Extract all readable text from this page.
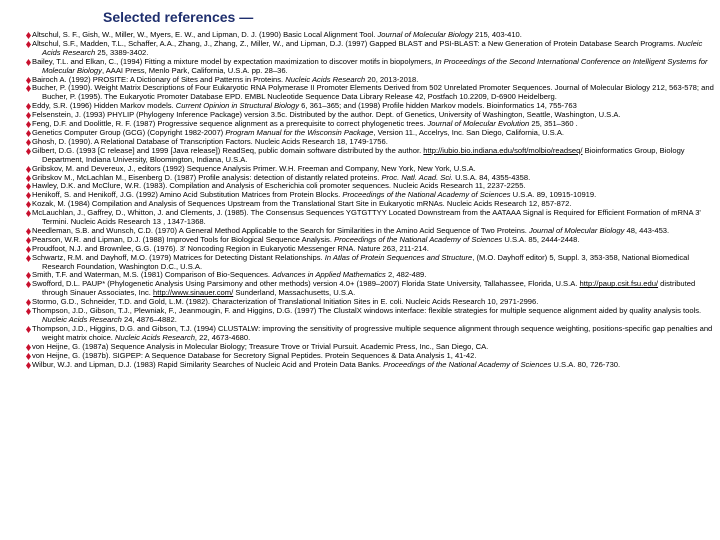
Selected references —

Altschul, S. F., Gish, W., Miller, W., Myers, E. W., and Lipman, D. J. (1990) Basic Local Alignment Tool. Journal of Molecular Biology 215, 403-410.

Altschul, S.F., Madden, T.L., Schaffer, A.A., Zhang, J., Zhang, Z., Miller, W., and Lipman, D.J. (1997) Gapped BLAST and PSI-BLAST: a New Generation of Protein Database Search Programs. Nucleic Acids Research 25, 3389-3402.

Bailey, T.L. and Elkan, C., (1994) Fitting a mixture model by expectation maximization to discover motifs in biopolymers, In Proceedings of the Second International Conference on Intelligent Systems for Molecular Biology, AAAI Press, Menlo Park, California, U.S.A. pp. 28–36.

Bairoch A. (1992) PROSITE: A Dictionary of Sites and Patterns in Proteins. Nucleic Acids Research 20, 2013-2018.

Bucher, P. (1990). Weight Matrix Descriptions of Four Eukaryotic RNA Polymerase II Promoter Elements Derived from 502 Unrelated Promoter Sequences. Journal of Molecular Biology 212, 563-578; and Bucher, P. (1995). The Eukaryotic Promoter Database EPD. EMBL Nucleotide Sequence Data Library Release 42, Postfach 10.2209, D-6900 Heidelberg.

Eddy, S.R. (1996) Hidden Markov models. Current Opinion in Structural Biology 6, 361–365; and (1998) Profile hidden Markov models. Bioinformatics 14, 755-763

Felsenstein, J. (1993) PHYLIP (Phylogeny Inference Package) version 3.5c. Distributed by the author. Dept. of Genetics, University of Washington, Seattle, Washington, U.S.A.

Feng, D.F. and Doolittle, R. F. (1987) Progressive sequence alignment as a prerequisite to correct phylogenetic trees. Journal of Molecular Evolution 25, 351–360 .

Genetics Computer Group (GCG) (Copyright 1982-2007) Program Manual for the Wisconsin Package, Version 11., Accelrys, Inc. San Diego, California, U.S.A.

Ghosh, D. (1990). A Relational Database of Transcription Factors. Nucleic Acids Research 18, 1749-1756.

Gilbert, D.G. (1993 [C release] and 1999 [Java release]) ReadSeq, public domain software distributed by the author. http://iubio.bio.indiana.edu/soft/molbio/readseq/ Bioinformatics Group, Biology Department, Indiana University, Bloomington, Indiana, U.S.A.

Gribskov, M. and Devereux, J., editors (1992) Sequence Analysis Primer. W.H. Freeman and Company, New York, New York, U.S.A.

Gribskov M., McLachlan M., Eisenberg D. (1987) Profile analysis: detection of distantly related proteins. Proc. Natl. Acad. Sci. U.S.A. 84, 4355-4358.

Hawley, D.K. and McClure, W.R. (1983). Compilation and Analysis of Escherichia coli promoter sequences. Nucleic Acids Research 11, 2237-2255.

Henikoff, S. and Henikoff, J.G. (1992) Amino Acid Substitution Matrices from Protein Blocks. Proceedings of the National Academy of Sciences U.S.A. 89, 10915-10919.

Kozak, M. (1984) Compilation and Analysis of Sequences Upstream from the Translational Start Site in Eukaryotic mRNAs. Nucleic Acids Research 12, 857-872.

McLauchlan, J., Gaffrey, D., Whitton, J. and Clements, J. (1985). The Consensus Sequences YGTGTTYY Located Downstream from the AATAAA Signal is Required for Efficient Formation of mRNA 3' Termini. Nucleic Acids Research 13 , 1347-1368.

Needleman, S.B. and Wunsch, C.D. (1970) A General Method Applicable to the Search for Similarities in the Amino Acid Sequence of Two Proteins. Journal of Molecular Biology 48, 443-453.

Pearson, W.R. and Lipman, D.J. (1988) Improved Tools for Biological Sequence Analysis. Proceedings of the National Academy of Sciences U.S.A. 85, 2444-2448.

Proudfoot, N.J. and Brownlee, G.G. (1976). 3' Noncoding Region in Eukaryotic Messenger RNA. Nature 263, 211-214.

Schwartz, R.M. and Dayhoff, M.O. (1979) Matrices for Detecting Distant Relationships. In Atlas of Protein Sequences and Structure, (M.O. Dayhoff editor) 5, Suppl. 3, 353-358, National Biomedical Research Foundation, Washington D.C., U.S.A.

Smith, T.F. and Waterman, M.S. (1981) Comparison of Bio-Sequences. Advances in Applied Mathematics 2, 482-489.

Swofford, D.L. PAUP* (Phylogenetic Analysis Using Parsimony and other methods) version 4.0+ (1989–2007) Florida State University, Tallahassee, Florida, U.S.A. http://paup.csit.fsu.edu/ distributed through Sinauer Associates, Inc. http://www.sinauer.com/ Sunderland, Massachusetts, U.S.A.

Stormo, G.D., Schneider, T.D. and Gold, L.M. (1982). Characterization of Translational Initiation Sites in E. coli. Nucleic Acids Research 10, 2971-2996.

Thompson, J.D., Gibson, T.J., Plewniak, F., Jeanmougin, F. and Higgins, D.G. (1997) The ClustalX windows interface: flexible strategies for multiple sequence alignment aided by quality analysis tools. Nucleic Acids Research 24, 4876–4882.

Thompson, J.D., Higgins, D.G. and Gibson, T.J. (1994) CLUSTALW: improving the sensitivity of progressive multiple sequence alignment through sequence weighting, positions-specific gap penalties and weight matrix choice. Nucleic Acids Research, 22, 4673-4680.

von Heijne, G. (1987a) Sequence Analysis in Molecular Biology; Treasure Trove or Trivial Pursuit. Academic Press, Inc., San Diego, CA.

von Heijne, G. (1987b). SIGPEP: A Sequence Database for Secretory Signal Peptides. Protein Sequences & Data Analysis 1, 41-42.

Wilbur, W.J. and Lipman, D.J. (1983) Rapid Similarity Searches of Nucleic Acid and Protein Data Banks. Proceedings of the National Academy of Sciences U.S.A. 80, 726-730.
